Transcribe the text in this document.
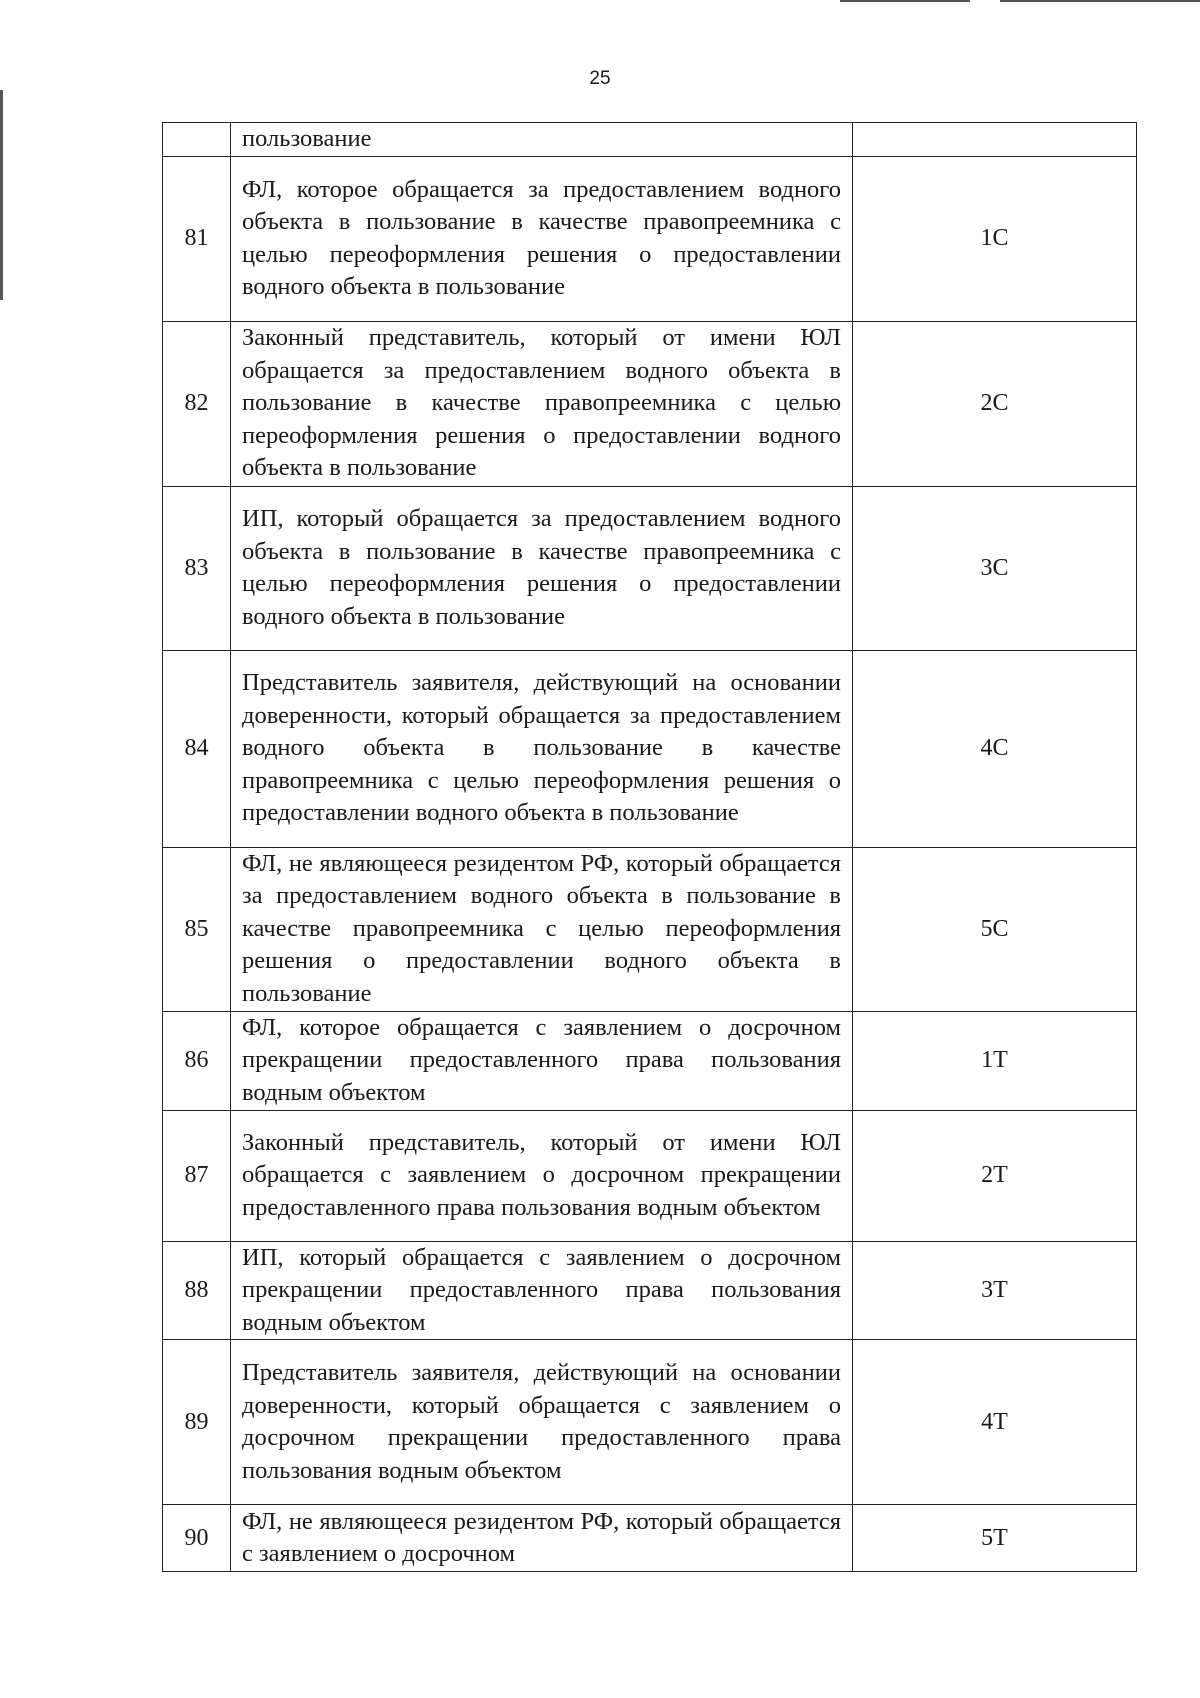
25

	пользование	

81	ФЛ, которое обращается за предоставлением водного объекта в пользование в качестве правопреемника с целью переоформления решения о предоставлении водного объекта в пользование	1С
82	Законный представитель, который от имени ЮЛ обращается за предоставлением водного объекта в пользование в качестве правопреемника с целью переоформления решения о предоставлении водного объекта в пользование	2С
83	ИП, который обращается за предоставлением водного объекта в пользование в качестве правопреемника с целью переоформления решения о предоставлении водного объекта в пользование	3С
84	Представитель заявителя, действующий на основании доверенности, который обращается за предоставлением водного объекта в пользование в качестве правопреемника с целью переоформления решения о предоставлении водного объекта в пользование	4С
85	ФЛ, не являющееся резидентом РФ, который обращается за предоставлением водного объекта в пользование в качестве правопреемника с целью переоформления решения о предоставлении водного объекта в пользование	5С
86	ФЛ, которое обращается с заявлением о досрочном прекращении предоставленного права пользования водным объектом	1Т
87	Законный представитель, который от имени ЮЛ обращается с заявлением о досрочном прекращении предоставленного права пользования водным объектом	2Т
88	ИП, который обращается с заявлением о досрочном прекращении предоставленного права пользования водным объектом	3Т
89	Представитель заявителя, действующий на основании доверенности, который обращается с заявлением о досрочном прекращении предоставленного права пользования водным объектом	4Т
90	ФЛ, не являющееся резидентом РФ, который обращается с заявлением о досрочном	5Т
